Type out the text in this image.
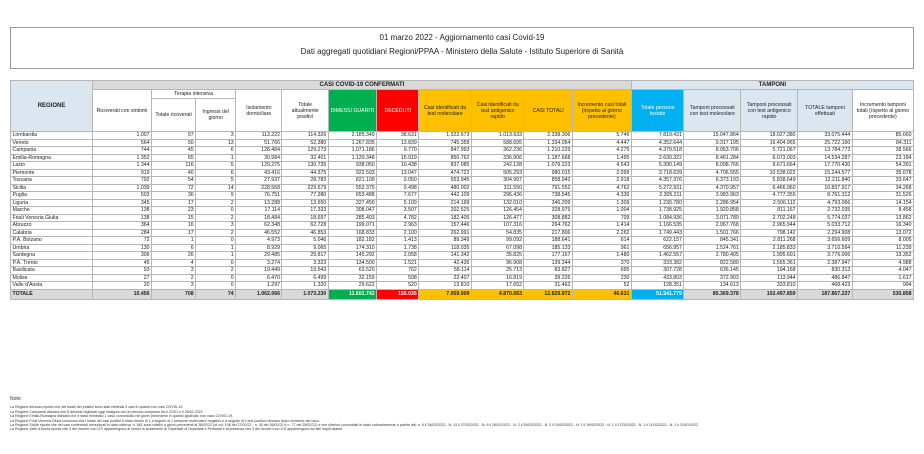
01 marzo 2022 - Aggiornamento casi Covid-19
Dati aggregati quotidiani Regioni/PPAA - Ministero della Salute - Istituto Superiore di Sanità
REGIONE	CASI COVID-19 CONFERMATI											TAMPONI				
	Ricoverati con sintomi	Terapia intensiva		Isolamento domiciliare	Totale attualmente positivi	DIMESSI GUARITI	DECEDUTI	Casi identificati da test molecolare	Casi identificati da test antigenico rapido	CASI TOTALI	Incremento casi totali (rispetto al giorno precedente)	Totale persone testate	Tamponi processati con test molecolare	Tamponi processati con test antigenico rapido	TOTALE tamponi effettuati	Incremento tamponi totali (rispetto al giorno precedente)
		Totale ricoverati	Ingressi del giorno													
Lombardia	1.007	97	3	113.222	114.326	2.185.349	38.631	1.322.673	1.013.633	2.338.306	5.746	7.819.431	15.047.864	18.027.380	33.075.444	85.660
Veneto	564	50	13	51.766	52.380	1.267.835	13.839	745.359	588.695	1.334.054	4.447	4.352.644	9.317.195	16.404.965	25.722.160	84.311
Campania	744	45	6	128.484	129.273	1.071.186	9.770	847.993	362.236	1.210.229	4.275	4.379.518	8.063.706	5.721.067	13.784.773	38.566
Emilia-Romagna	1.352	65	1	30.984	32.401	1.139.348	15.919	850.762	336.906	1.187.668	1.495	2.630.322	8.461.284	6.073.003	14.534.287	23.184
Lazio	1.344	116	5	129.275	130.735	938.050	10.438	837.085	242.138	1.079.223	4.543	5.390.149	8.098.766	9.671.664	17.770.430	54.391
Piemonte	919	40	6	43.416	44.375	922.593	13.047	474.722	505.293	980.015	2.099	3.718.639	4.706.555	10.538.022	15.244.577	35.078
Toscana	792	54	5	27.937	28.783	821.109	9.050	553.945	304.997	858.942	2.918	4.357.376	6.373.193	5.838.649	12.211.840	33.647
Sicilia	1.039	72	14	228.568	229.679	552.375	9.498	480.002	311.550	791.552	4.762	5.272.931	4.370.957	6.466.960	10.837.917	34.268
Puglia	503	36	9	76.751	77.380	653.488	7.677	442.109	296.436	738.545	4.336	2.305.211	3.983.963	4.777.355	8.761.312	31.526
Liguria	345	17	2	13.288	13.650	327.450	5.109	214.199	132.010	346.209	1.309	1.230.780	2.286.954	2.506.112	4.793.066	14.154
Marche	138	23	0	17.114	17.333	308.047	3.507	202.525	126.454	328.979	1.004	1.738.925	1.920.858	811.167	2.732.035	8.458
Friuli Venezia Giulia	138	15	2	18.484	18.697	285.403	4.782	182.405	126.477	308.882	709	1.084.936	3.071.789	2.702.248	5.774.037	13.862
Abruzzo	364	16	3	62.348	62.728	199.071	2.963	157.446	107.316	264.762	1.414	1.166.535	2.067.768	2.965.944	5.033.712	16.340
Calabria	284	17	2	46.552	46.853	168.833	2.100	262.991	54.835	217.806	2.262	1.749.443	1.501.766	798.142	2.294.908	13.072
P.A. Bolzano	72	1	0	4.973	5.046	182.182	1.413	89.349	99.092	188.641	614	622.157	845.341	2.811.268	3.656.609	8.005
Umbria	130	6	1	8.929	9.065	174.310	1.738	118.035	67.098	185.133	961	656.957	1.524.761	2.185.833	3.710.594	11.239
Sardegna	306	26	1	29.485	29.817	145.292	2.058	141.342	35.825	177.167	1.480	1.462.557	2.780.405	1.995.601	3.776.006	13.352
P.A. Trento	45	4	0	3.274	3.323	134.500	1.521	42.436	96.908	139.344	370	333.382	822.580	1.565.361	2.387.947	4.988
Basilicata	93	3	2	19.449	19.543	63.520	762	58.114	25.713	83.827	695	307.728	636.145	194.168	830.313	4.047
Molise	27	2	0	6.470	6.499	32.159	508	22.407	16.819	39.226	230	433.803	372.903	113.944	486.847	1.617
Valle d'Aosta	20	3	0	1.297	1.320	29.622	520	13.810	17.652	31.462	52	128.351	134.613	333.810	468.423	994
TOTALE	10.456	708	74	1.062.066	1.073.230	11.601.742	155.035	7.959.909	4.870.063	12.829.972	46.631	51.541.779	85.369.378	102.497.859	187.867.237	530.858
Note:
La Regione Abruzzo riporta che del totale dei positivi sono stati eliminati 3 casi in quanto non casi COVID-19.
La Regione Campania dichiara che 6 decessi registrati oggi risalgono ad un periodo compreso tra il 22/01 e il 26/02 2022.
La Regione Emilia-Romagna dichiara che è stato eliminato 1 caso comunicato nei giorni precedenti in quanto giudicato non caso COVID-19.
La Regione Friuli Venezia Giulia comunica che i totale dei casi positivi è stato ridotto di 1 a seguito di 1 tampone molecolare negativo e a seguito di 1 test positivo rimosso dopo revisione del caso.
La Regione Sicilia riporta che dei casi confermati comunicati in data odierna, n. 581 sono relativi a giorni precedenti al 28/02/22 (di cui: 108 del 27/02/22 - n. 45 del 26/02/22 e n. 77 del 25/02/22) e che ulteriori comunicati le stato ordinariamente a partire dal: n. 6 il 28/02/2022 - N. 13 il 27/02/2022 - N. 6 il 26/02/2022 - N. 2 il 25/02/2022 - N. 2 il 24/02/2022 - N. 1 il 19/02/2022 - N. 1 il 17/02/2022 - N. 1 il 11/02/2022 - N. 1 il 31/01/2022
La Regione Valle d'Aosta riporta che 3 dei ricoveri non UTI appartengono al centro di isolamento di Ospedale di Ospedale e Pediatria e la presenza che 3 dei ricoveri non UTI appartengono ad altri ospiti dipinte.
